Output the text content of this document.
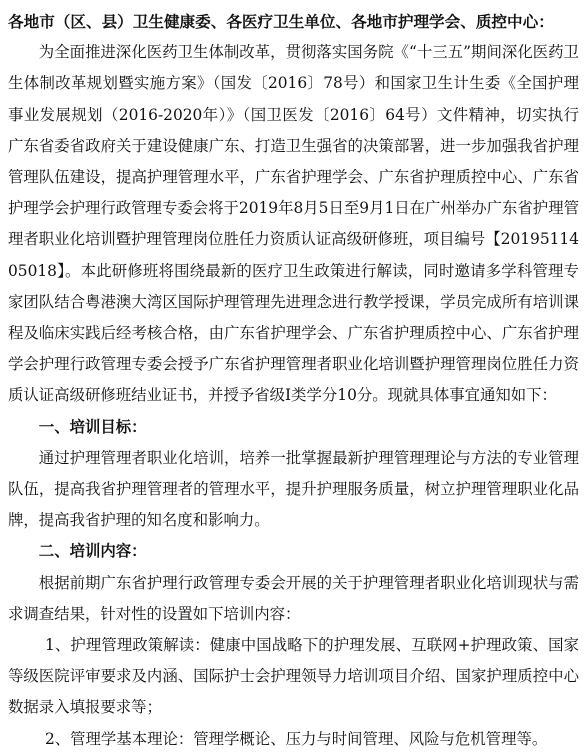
各地市（区、县）卫生健康委、各医疗卫生单位、各地市护理学会、质控中心：

为全面推进深化医药卫生体制改革，贯彻落实国务院《“十三五”期间深化医药卫生体制改革规划暨实施方案》（国发〔2016〕78号）和国家卫生计生委《全国护理事业发展规划（2016-2020年）》（国卫医发〔2016〕64号）文件精神，切实执行广东省委省政府关于建设健康广东、打造卫生强省的决策部署，进一步加强我省护理管理队伍建设，提高护理管理水平，广东省护理学会、广东省护理质控中心、广东省护理学会护理行政管理专委会将于2019年8月5日至9月1日在广州举办广东省护理管理者职业化培训暨护理管理岗位胜任力资质认证高级研修班，项目编号【2019511405018】。本此研修班将围绕最新的医疗卫生政策进行解读，同时邀请多学科管理专家团队结合粤港澳大湾区国际护理管理先进理念进行教学授课，学员完成所有培训课程及临床实践后经考核合格，由广东省护理学会、广东省护理质控中心、广东省护理学会护理行政管理专委会授予广东省护理管理者职业化培训暨护理管理岗位胜任力资质认证高级研修班结业证书，并授予省级Ⅰ类学分10分。现就具体事宜通知如下：

一、培训目标：

通过护理管理者职业化培训，培养一批掌握最新护理管理理论与方法的专业管理队伍，提高我省护理管理者的管理水平，提升护理服务质量，树立护理管理职业化品牌，提高我省护理的知名度和影响力。

二、培训内容：

根据前期广东省护理行政管理专委会开展的关于护理管理者职业化培训现状与需求调查结果，针对性的设置如下培训内容：

1、护理管理政策解读：健康中国战略下的护理发展、互联网+护理政策、国家等级医院评审要求及内涵、国际护士会护理领导力培训项目介绍、国家护理质控中心数据录入填报要求等；

2、管理学基本理论：管理学概论、压力与时间管理、风险与危机管理等。
